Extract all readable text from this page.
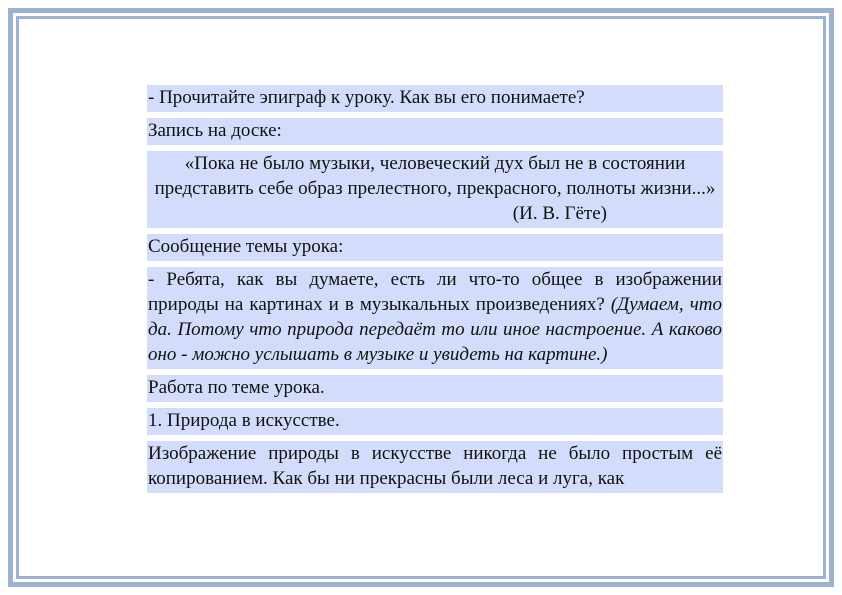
- Прочитайте эпиграф к уроку. Как вы его понимаете?
Запись на доске:
«Пока не было музыки, человеческий дух был не в состоянии представить себе образ прелестного, прекрасного, полноты жизни...»
(И. В. Гёте)
Сообщение темы урока:
- Ребята, как вы думаете, есть ли что-то общее в изображении природы на картинах и в музыкальных произведениях? (Думаем, что да. Потому что природа передаёт то или иное настроение. А каково оно - можно услышать в музыке и увидеть на картине.)
Работа по теме урока.
1. Природа в искусстве.
Изображение природы в искусстве никогда не было простым её копированием. Как бы ни прекрасны были леса и луга, как
